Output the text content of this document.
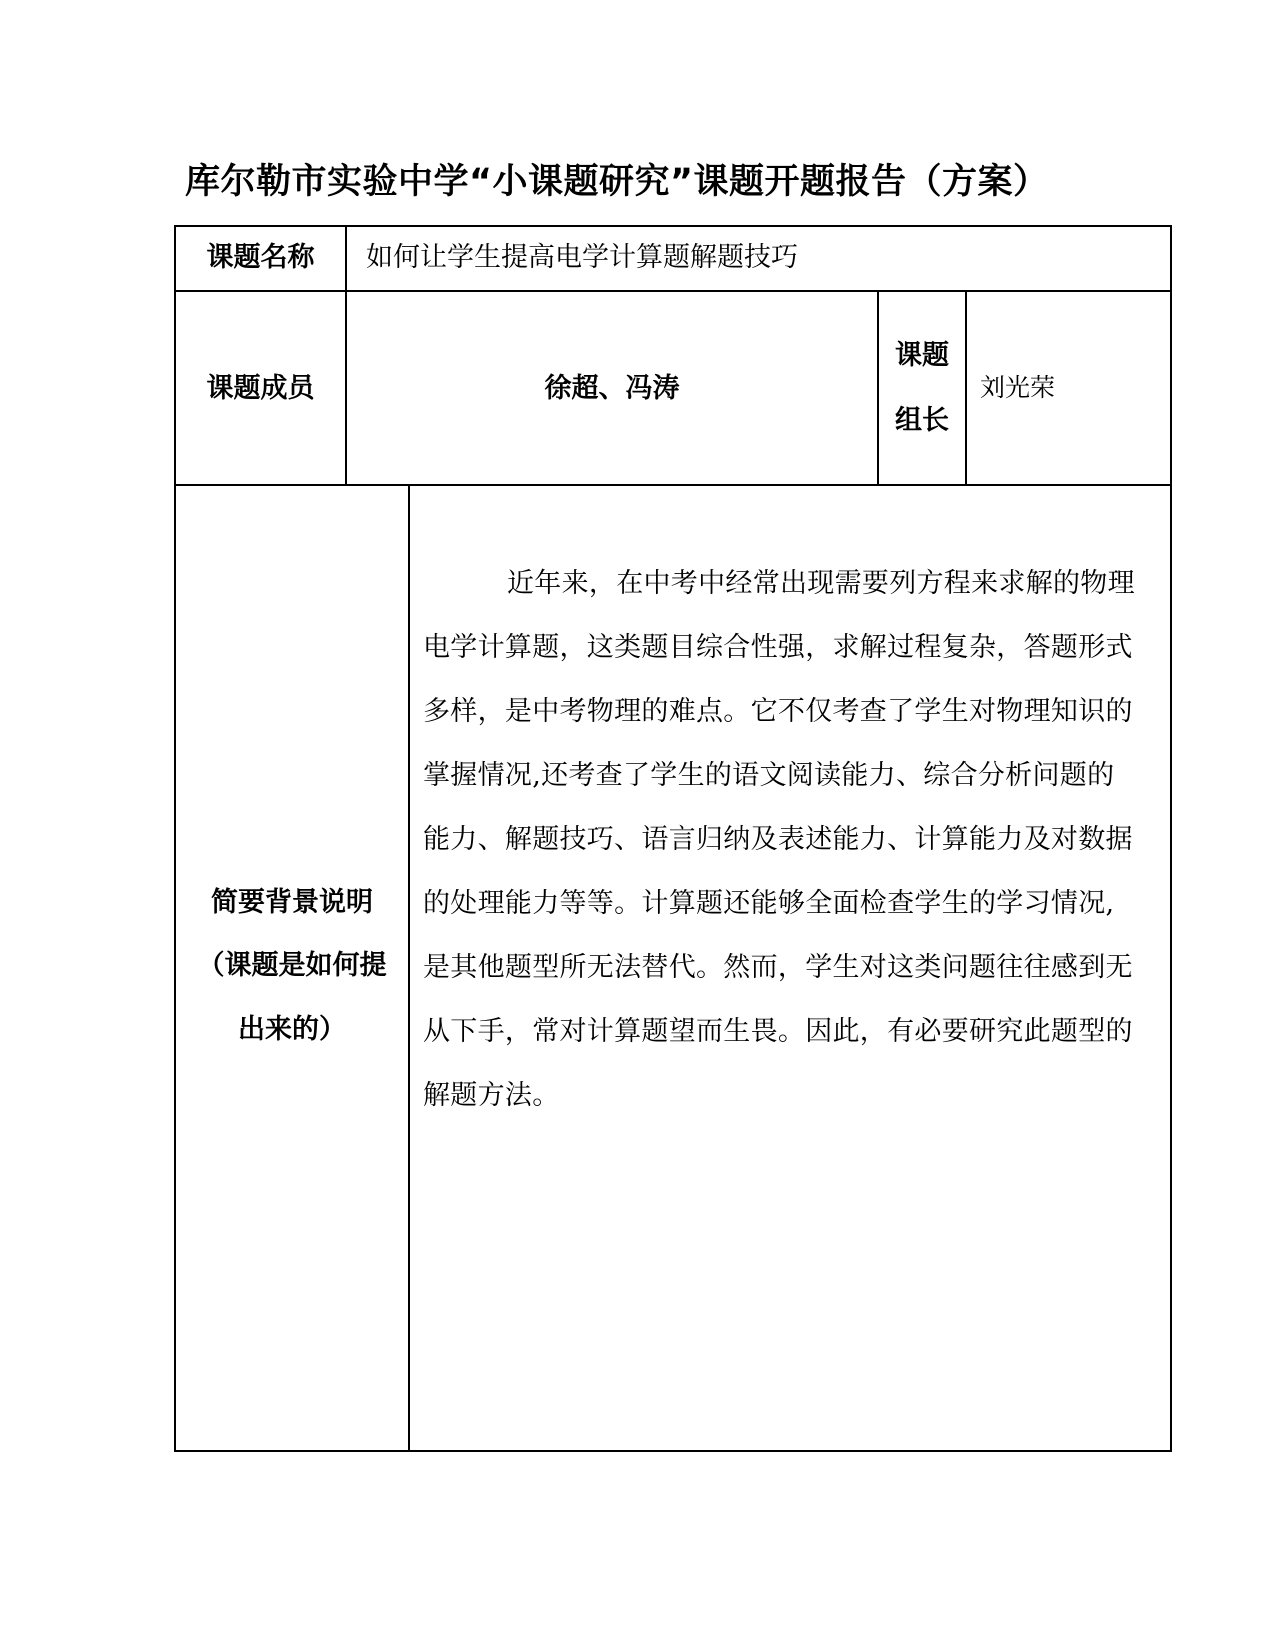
库尔勒市实验中学“小课题研究”课题开题报告（方案）
课题名称	如何让学生提高电学计算题解题技巧
课题成员	徐超、冯涛
课题
组长
刘光荣
简要背景说明
（课题是如何提
出来的）
近年来，在中考中经常出现需要列方程来求解的物理
电学计算题，这类题目综合性强，求解过程复杂，答题形式
多样，是中考物理的难点。它不仅考查了学生对物理知识的
掌握情况,还考查了学生的语文阅读能力、综合分析问题的
能力、解题技巧、语言归纳及表述能力、计算能力及对数据
的处理能力等等。计算题还能够全面检查学生的学习情况,
是其他题型所无法替代。然而，学生对这类问题往往感到无
从下手，常对计算题望而生畏。因此，有必要研究此题型的
解题方法。
